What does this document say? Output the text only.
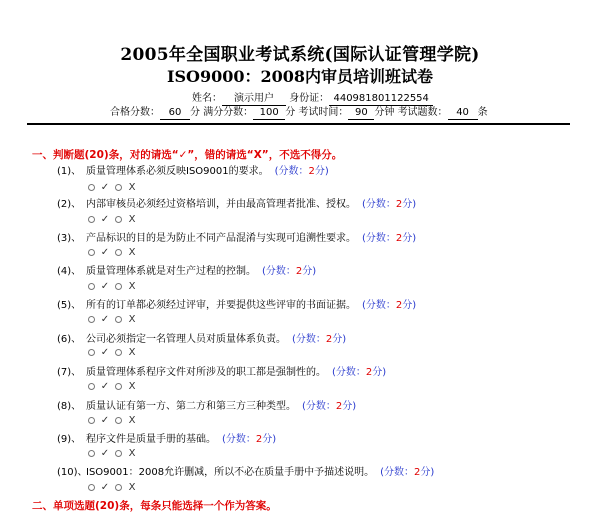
2005年全国职业考试系统(国际认证管理学院)
ISO9000：2008内审员培训班试卷
姓名： 演示用户 身份证： 440981801122554
合格分数： 60 分 满分分数： 100 分 考试时间： 90 分钟 考试题数： 40 条
一、判断题(20)条，对的请选“✓”，错的请选“X”，不选不得分。
(1)、 质量管理体系必须反映ISO9001的要求。 (分数：2分)
✓ X
(2)、 内部审核员必须经过资格培训，并由最高管理者批准、授权。 (分数：2分)
✓ X
(3)、 产品标识的目的是为防止不同产品混淆与实现可追溯性要求。 (分数：2分)
✓ X
(4)、 质量管理体系就是对生产过程的控制。 (分数：2分)
✓ X
(5)、 所有的订单都必须经过评审，并要提供这些评审的书面证据。 (分数：2分)
✓ X
(6)、 公司必须指定一名管理人员对质量体系负责。 (分数：2分)
✓ X
(7)、 质量管理体系程序文件对所涉及的职工都是强制性的。 (分数：2分)
✓ X
(8)、 质量认证有第一方、第二方和第三方三种类型。 (分数：2分)
✓ X
(9)、 程序文件是质量手册的基础。 (分数：2分)
✓ X
(10)、ISO9001：2008允许删减，所以不必在质量手册中予描述说明。 (分数：2分)
✓ X
二、单项选题(20)条，每条只能选择一个作为答案。
